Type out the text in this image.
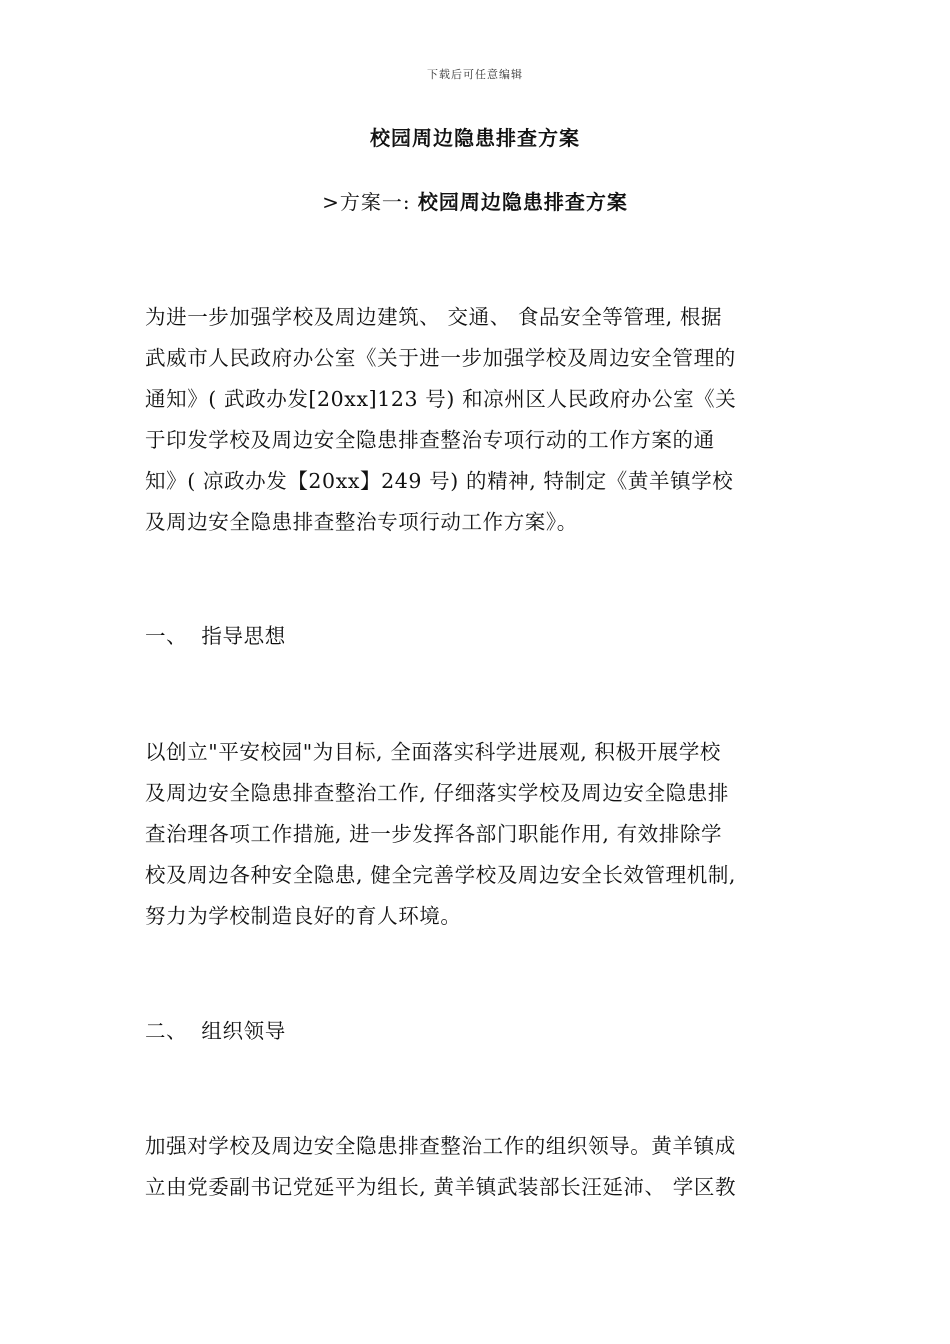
下载后可任意编辑
校园周边隐患排查方案
>方案一: 校园周边隐患排查方案
为进一步加强学校及周边建筑、 交通、 食品安全等管理, 根据
武威市人民政府办公室《关于进一步加强学校及周边安全管理的
通知》( 武政办发[20xx]123 号) 和凉州区人民政府办公室《关
于印发学校及周边安全隐患排查整治专项行动的工作方案的通
知》( 凉政办发【20xx】249 号) 的精神, 特制定《黄羊镇学校
及周边安全隐患排查整治专项行动工作方案》。
一、  指导思想
以创立"平安校园"为目标, 全面落实科学进展观, 积极开展学校
及周边安全隐患排查整治工作, 仔细落实学校及周边安全隐患排
查治理各项工作措施, 进一步发挥各部门职能作用, 有效排除学
校及周边各种安全隐患, 健全完善学校及周边安全长效管理机制,
努力为学校制造良好的育人环境。
二、  组织领导
加强对学校及周边安全隐患排查整治工作的组织领导。黄羊镇成
立由党委副书记党延平为组长, 黄羊镇武装部长汪延沛、 学区教
